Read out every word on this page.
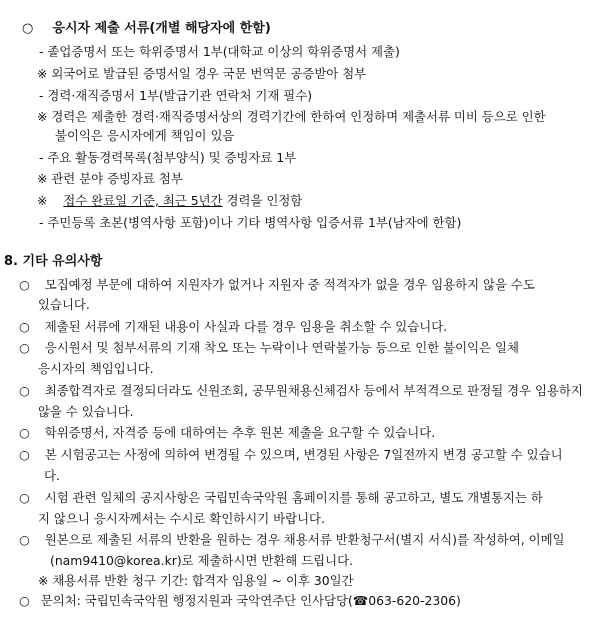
○ 응시자 제출 서류(개별 해당자에 한함)
- 졸업증명서 또는 학위증명서 1부(대학교 이상의 학위증명서 제출)
※ 외국어로 발급된 증명서일 경우 국문 번역문 공증받아 첨부
- 경력·재직증명서 1부(발급기관 연락처 기재 필수)
※ 경력은 제출한 경력·재직증명서상의 경력기간에 한하여 인정하며 제출서류 미비 등으로 인한
불이익은 응시자에게 책임이 있음
- 주요 활동경력목록(첨부양식) 및 증빙자료 1부
※ 관련 분야 증빙자료 첨부
※ 접수 완료일 기준, 최근 5년간 경력을 인정함
- 주민등록 초본(병역사항 포함)이나 기타 병역사항 입증서류 1부(남자에 한함)
8. 기타 유의사항
○ 모집예정 부문에 대하여 지원자가 없거나 지원자 중 적격자가 없을 경우 임용하지 않을 수도
있습니다.
○ 제출된 서류에 기재된 내용이 사실과 다를 경우 임용을 취소할 수 있습니다.
○ 응시원서 및 첨부서류의 기재 착오 또는 누락이나 연락불가능 등으로 인한 불이익은 일체
응시자의 책임입니다.
○ 최종합격자로 결정되더라도 신원조회, 공무원채용신체검사 등에서 부적격으로 판정될 경우 임용하지
않을 수 있습니다.
○ 학위증명서, 자격증 등에 대하여는 추후 원본 제출을 요구할 수 있습니다.
○ 본 시험공고는 사정에 의하여 변경될 수 있으며, 변경된 사항은 7일전까지 변경 공고할 수 있습니
다.
○ 시험 관련 일체의 공지사항은 국립민속국악원 홈페이지를 통해 공고하고, 별도 개별통지는 하
지 않으니 응시자께서는 수시로 확인하시기 바랍니다.
○ 원본으로 제출된 서류의 반환을 원하는 경우 채용서류 반환청구서(별지 서식)를 작성하여, 이메일
(nam9410@korea.kr)로 제출하시면 반환해 드립니다.
※ 채용서류 반환 청구 기간: 합격자 임용일 ~ 이후 30일간
○ 문의처: 국립민속국악원 행정지원과 국악연주단 인사담당(☎063-620-2306)
